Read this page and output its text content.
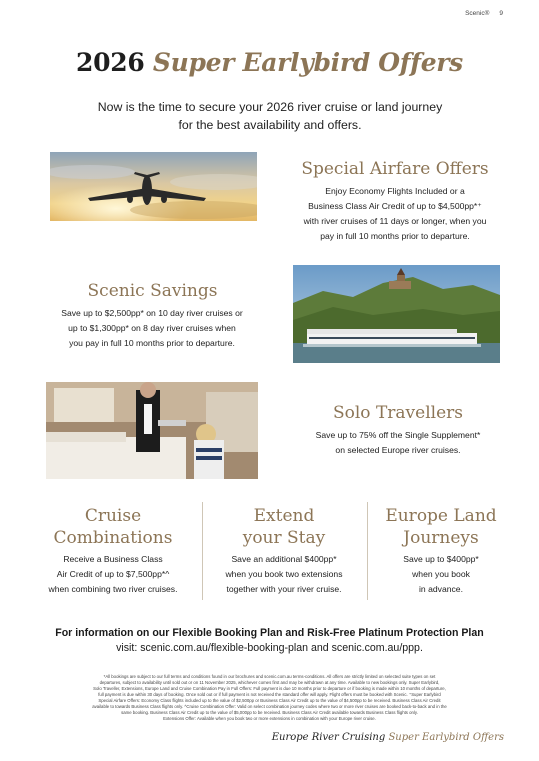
Scenic® 9
2026 Super Earlybird Offers
Now is the time to secure your 2026 river cruise or land journey
for the best availability and offers.
Special Airfare Offers
Enjoy Economy Flights Included or a
Business Class Air Credit of up to $4,500pp*⁺
with river cruises of 11 days or longer, when you
pay in full 10 months prior to departure.
Scenic Savings
Save up to $2,500pp* on 10 day river cruises or
up to $1,300pp* on 8 day river cruises when
you pay in full 10 months prior to departure.
Solo Travellers
Save up to 75% off the Single Supplement*
on selected Europe river cruises.
Cruise
Combinations
Receive a Business Class
Air Credit of up to $7,500pp*^
when combining two river cruises.
Extend
your Stay
Save an additional $400pp*
when you book two extensions
together with your river cruise.
Europe Land
Journeys
Save up to $400pp*
when you book
in advance.
For information on our Flexible Booking Plan and Risk-Free Platinum Protection Plan
visit: scenic.com.au/flexible-booking-plan and scenic.com.au/ppp.
*All bookings are subject to our full terms and conditions found in our brochures and scenic.com.au terms-conditions. All offers are strictly limited on selected suite types on set
departures, subject to availability until sold out or on 11 November 2025, whichever comes first and may be withdrawn at any time. Available to new bookings only. Super Earlybird,
Solo Traveller, Extensions, Europe Land and Cruise Combination Pay in Full Offers: Full payment is due 10 months prior to departure or if booking is made within 10 months of departure,
full payment is due within 30 days of booking. Once sold out or if full payment is not received the standard offer will apply. Flight offers must be booked with Scenic. ⁺Super Earlybird
Special Airfare Offers: Economy Class flights included up to the value of $2,500pp or Business Class Air Credit up to the value of $4,500pp to be received. Business Class Air Credit
available to towards Business Class flights only. ^Cruise Combination Offer: Valid on select combination journey codes where two or more river cruises are booked back-to-back and in the
same booking. Business Class Air Credit up to the value of $5,000pp to be received. Business Class Air Credit available towards Business Class flights only.
Extensions Offer: Available when you book two or more extensions in combination with your Europe river cruise.
Europe River Cruising Super Earlybird Offers
